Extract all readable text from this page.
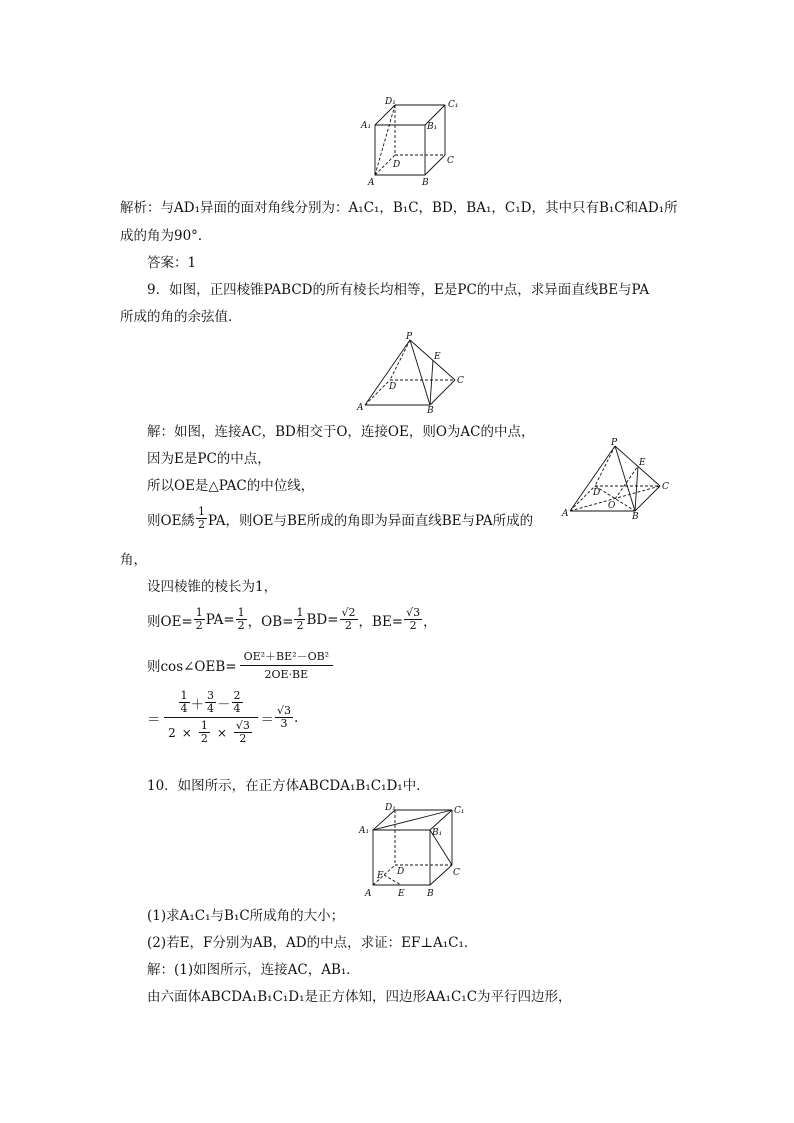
A₁	B₁
C₁
D₁
A	B
C
D
解析：与AD₁异面的面对角线分别为：A₁C₁，B₁C，BD，BA₁，C₁D，其中只有B₁C和AD₁所
成的角为90°．
答案：1
9．如图，正四棱锥PABCD的所有棱长均相等，E是PC的中点，求异面直线BE与PA
所成的角的余弦值．
P
E
D
C
A	B
解：如图，连接AC，BD相交于O，连接OE，则O为AC的中点，
因为E是PC的中点，
所以OE是△PAC的中位线，
P
E
D
C
A	B
O
则OE綉 $\frac{1}{2}$ PA，则OE与BE所成的角即为异面直线BE与PA所成的
角，
设四棱锥的棱长为1，
则$OE= \frac{1}{2} PA= \frac{1}{2}$ ，$OB= \frac{1}{2} BD= \frac{√2}{2}$ ，$BE= \frac{√3}{2}$ ，
则cos∠OEB= $\frac{\text{OE²＋BE²－OB²}}{2OE\cdot BE}$
＝ $\frac{\frac{1}{4} + \frac{3}{4} - \frac{2}{4}}{2 \times \frac{1}{2} \times \frac{√3}{2}} = \frac{√3}{3}$ .
10．如图所示，在正方体ABCDA₁B₁C₁D₁中．
A₁	B₁
C₁
D₁
A	B
C
D
E
F
(1)求A₁C₁与B₁C所成角的大小；
(2)若E，F分别为AB，AD的中点，求证：EF⊥A₁C₁．
解：(1)如图所示，连接AC，AB₁．
由六面体ABCDA₁B₁C₁D₁是正方体知，四边形AA₁C₁C为平行四边形，
